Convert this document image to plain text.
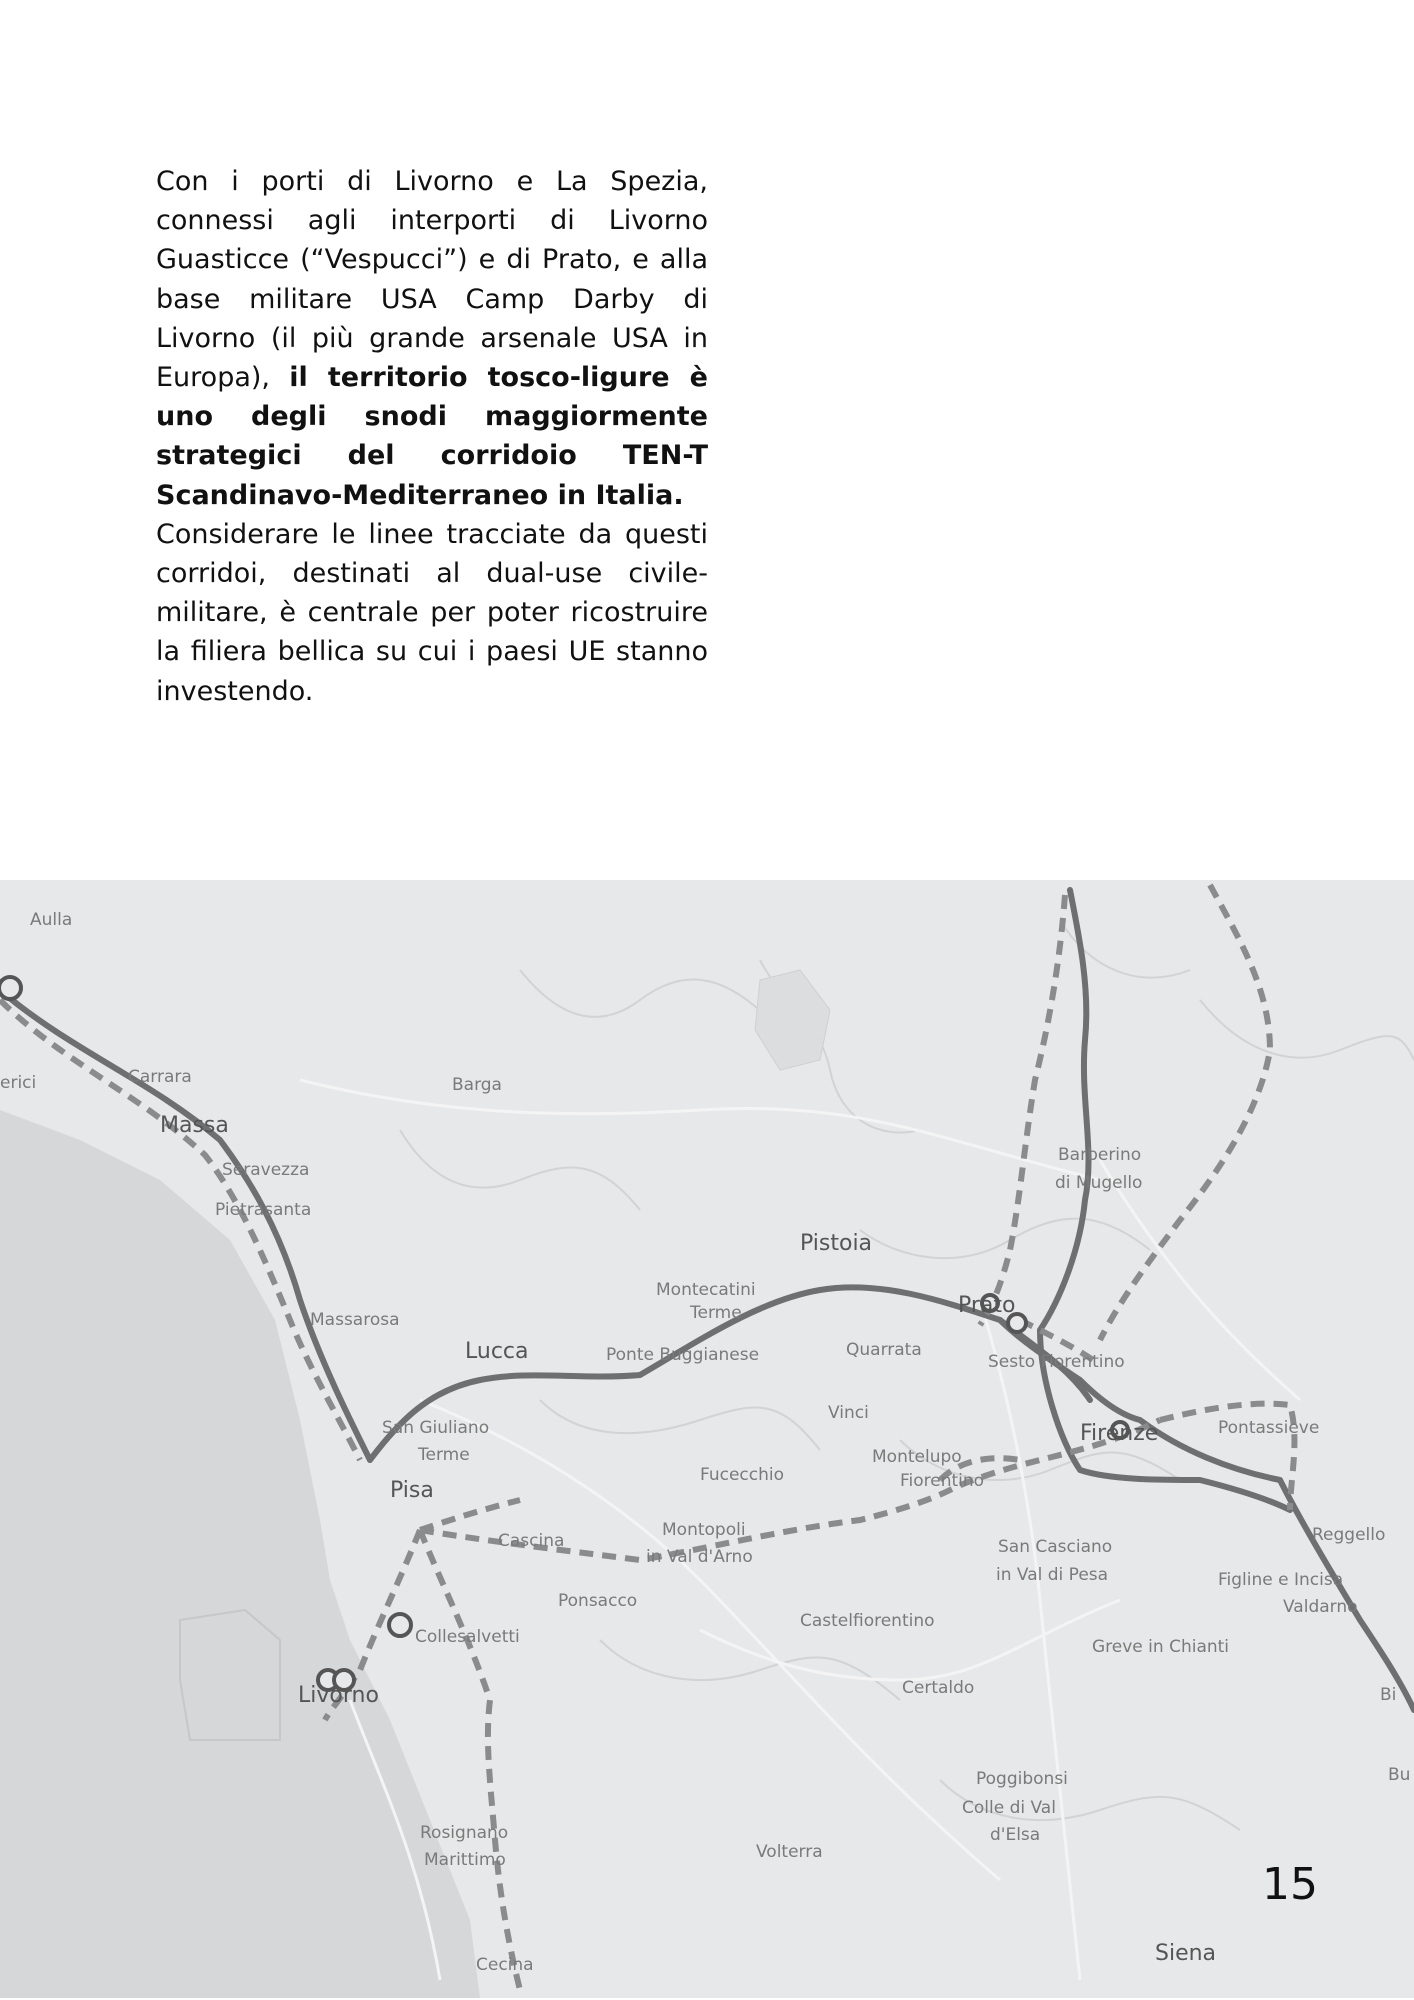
Con i porti di Livorno e La Spezia, connessi agli interporti di Livorno Guasticce (“Vespucci”) e di Prato, e alla base militare USA Camp Darby di Livorno (il più grande arsenale USA in Europa), il territorio tosco-ligure è uno degli snodi maggiormente strategici del corridoio TEN-T Scandinavo-Mediterraneo in Italia.
Considerare le linee tracciate da questi corridoi, destinati al dual-use civile-militare, è centrale per poter ricostruire la filiera bellica su cui i paesi UE stanno investendo.
Aulla
erici	Carrara
Massa
Barga
Seravezza
Pietrasanta
Massarosa
Lucca
Montecatini
Terme
Ponte Buggianese
Pistoia
Quarrata
Prato
Barberino
di Mugello
Sesto Fiorentino
San Giuliano
Terme
Vinci
Firenze	Pontassieve
Pisa
Fucecchio
Montelupo
Fiorentino
Cascina
Montopoli
in Val d'Arno
Reggello
San Casciano
in Val di Pesa	Figline e Incisa
Valdarno
Ponsacco
Castelfiorentino
Collesalvetti
Livorno
Greve in Chianti
Certaldo
Poggibonsi
Colle di Val
d'Elsa
Rosignano
Marittimo	Volterra
Cecina	Siena
Bu
Bi
15
